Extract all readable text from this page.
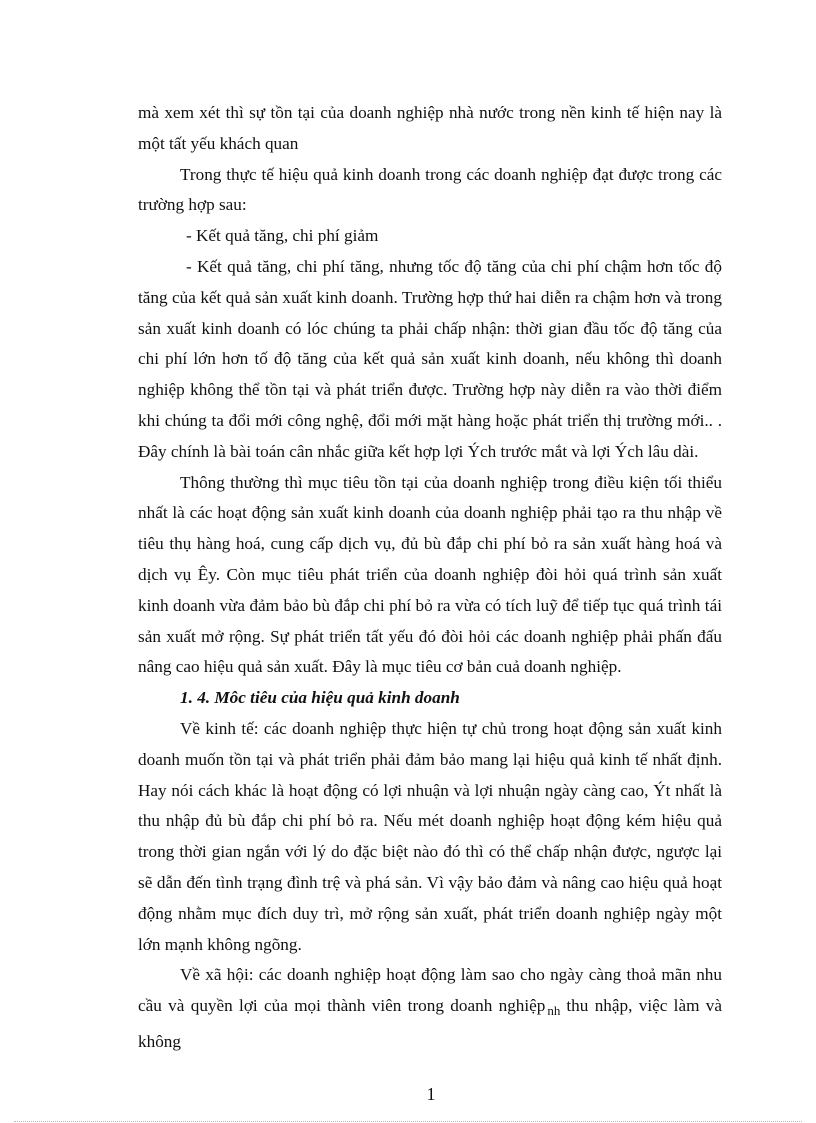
mà xem xét thì sự tồn tại của doanh nghiệp nhà nước trong nền kinh tế hiện nay là một tất yếu khách quan

Trong thực tế hiệu quả kinh doanh trong các doanh nghiệp đạt được trong các trường hợp sau:

- Kết quả tăng, chi phí giảm

- Kết quả tăng, chi phí tăng, nhưng tốc độ tăng của chi phí chậm hơn tốc độ tăng của kết quả sản xuất kinh doanh. Trường hợp thứ hai diễn ra chậm hơn và trong sản xuất kinh doanh có lóc chúng ta phải chấp nhận: thời gian đầu tốc độ tăng của chi phí lớn hơn tố độ tăng của kết quả sản xuất kinh doanh, nếu không thì doanh nghiệp không thể tồn tại và phát triển được. Trường hợp này diễn ra vào thời điểm khi chúng ta đổi mới công nghệ, đổi mới mặt hàng hoặc phát triển thị trường mới.. . Đây chính là bài toán cân nhắc giữa kết hợp lợi Ých trước mắt và lợi Ých lâu dài.

Thông thường thì mục tiêu tồn tại của doanh nghiệp trong điều kiện tối thiểu nhất là các hoạt động sản xuất kinh doanh của doanh nghiệp phải tạo ra thu nhập về tiêu thụ hàng hoá, cung cấp dịch vụ, đủ bù đắp chi phí bỏ ra sản xuất hàng hoá và dịch vụ Êy. Còn mục tiêu phát triển của doanh nghiệp đòi hỏi quá trình sản xuất kinh doanh vừa đảm bảo bù đắp chi phí bỏ ra vừa có tích luỹ để tiếp tục quá trình tái sản xuất mở rộng. Sự phát triển tất yếu đó đòi hỏi các doanh nghiệp phải phấn đấu nâng cao hiệu quả sản xuất. Đây là mục tiêu cơ bản cuả doanh nghiệp.

1. 4. Môc tiêu của hiệu quả kinh doanh

Về kinh tế: các doanh nghiệp thực hiện tự chủ trong hoạt động sản xuất kinh doanh muốn tồn tại và phát triển phải đảm bảo mang lại hiệu quả kinh tế nhất định. Hay nói cách khác là hoạt động có lợi nhuận và lợi nhuận ngày càng cao, Ýt nhất là thu nhập đủ bù đắp chi phí bỏ ra. Nếu mét doanh nghiệp hoạt động kém hiệu quả trong thời gian ngắn với lý do đặc biệt nào đó thì có thể chấp nhận được, ngược lại sẽ dẫn đến tình trạng đình trệ và phá sản. Vì vậy bảo đảm và nâng cao hiệu quả hoạt động nhằm mục đích duy trì, mở rộng sản xuất, phát triển doanh nghiệp ngày một lớn mạnh không ngõng.

Về xã hội: các doanh nghiệp hoạt động làm sao cho ngày càng thoả mãn nhu cầu và quyền lợi của mọi thành viên trong doanh nghiệp $_{nh}$ thu nhập, việc làm và không

1
